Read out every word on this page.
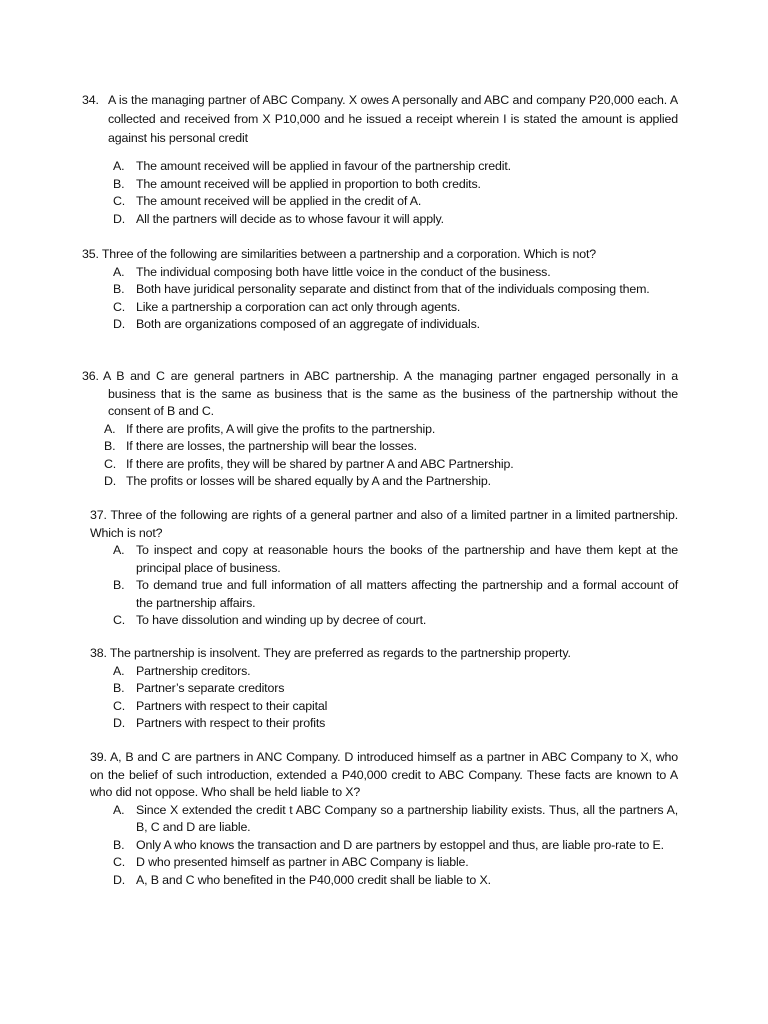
34. A is the managing partner of ABC Company. X owes A personally and ABC and company P20,000 each. A collected and received from X P10,000 and he issued a receipt wherein I is stated the amount is applied against his personal credit
A. The amount received will be applied in favour of the partnership credit.
B. The amount received will be applied in proportion to both credits.
C. The amount received will be applied in the credit of A.
D. All the partners will decide as to whose favour it will apply.
35. Three of the following are similarities between a partnership and a corporation. Which is not?
A. The individual composing both have little voice in the conduct of the business.
B. Both have juridical personality separate and distinct from that of the individuals composing them.
C. Like a partnership a corporation can act only through agents.
D. Both are organizations composed of an aggregate of individuals.
36. A B and C are general partners in ABC partnership. A the managing partner engaged personally in a business that is the same as business that is the same as the business of the partnership without the consent of B and C.
A. If there are profits, A will give the profits to the partnership.
B. If there are losses, the partnership will bear the losses.
C. If there are profits, they will be shared by partner A and ABC Partnership.
D. The profits or losses will be shared equally by A and the Partnership.
37. Three of the following are rights of a general partner and also of a limited partner in a limited partnership. Which is not?
A. To inspect and copy at reasonable hours the books of the partnership and have them kept at the principal place of business.
B. To demand true and full information of all matters affecting the partnership and a formal account of the partnership affairs.
C. To have dissolution and winding up by decree of court.
38. The partnership is insolvent. They are preferred as regards to the partnership property.
A. Partnership creditors.
B. Partner’s separate creditors
C. Partners with respect to their capital
D. Partners with respect to their profits
39. A, B and C are partners in ANC Company. D introduced himself as a partner in ABC Company to X, who on the belief of such introduction, extended a P40,000 credit to ABC Company. These facts are known to A who did not oppose. Who shall be held liable to X?
A. Since X extended the credit t ABC Company so a partnership liability exists. Thus, all the partners A, B, C and D are liable.
B. Only A who knows the transaction and D are partners by estoppel and thus, are liable pro-rate to E.
C. D who presented himself as partner in ABC Company is liable.
D. A, B and C who benefited in the P40,000 credit shall be liable to X.
